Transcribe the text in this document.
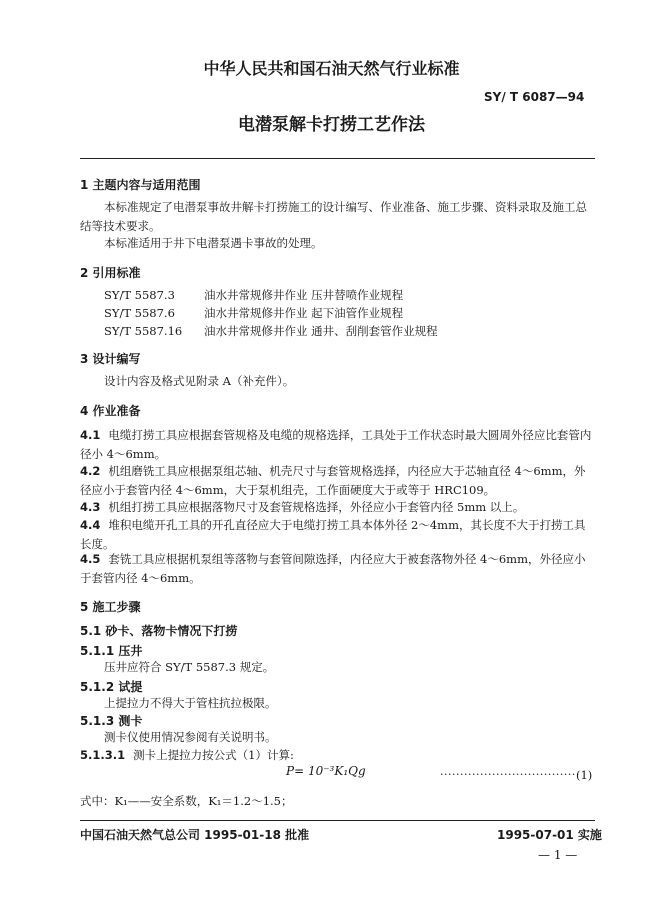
中华人民共和国石油天然气行业标准
SY/ T 6087—94
电潜泵解卡打捞工艺作法
1 主题内容与适用范围
本标准规定了电潜泵事故井解卡打捞施工的设计编写、作业准备、施工步骤、资料录取及施工总结等技术要求。
本标准适用于井下电潜泵遇卡事故的处理。
2 引用标准
SY/T 5587.3	油水井常规修井作业 压井替喷作业规程
SY/T 5587.6	油水井常规修井作业 起下油管作业规程
SY/T 5587.16 油水井常规修井作业 通井、刮削套管作业规程
3 设计编写
设计内容及格式见附录 A（补充件）。
4 作业准备
4.1 电缆打捞工具应根据套管规格及电缆的规格选择，工具处于工作状态时最大圆周外径应比套管内径小 4～6mm。
4.2 机组磨铣工具应根据泵组芯轴、机壳尺寸与套管规格选择，内径应大于芯轴直径 4～6mm，外径应小于套管内径 4～6mm，大于泵机组壳，工作面硬度大于或等于 HRC109。
4.3 机组打捞工具应根据落物尺寸及套管规格选择，外径应小于套管内径 5mm 以上。
4.4 堆积电缆开孔工具的开孔直径应大于电缆打捞工具本体外径 2～4mm，其长度不大于打捞工具长度。
4.5 套铣工具应根据机泵组等落物与套管间隙选择，内径应大于被套落物外径 4～6mm，外径应小于套管内径 4～6mm。
5 施工步骤
5.1 砂卡、落物卡情况下打捞
5.1.1 压井
压井应符合 SY/T 5587.3 规定。
5.1.2 试提
上提拉力不得大于管柱抗拉极限。
5.1.3 测卡
测卡仪使用情况参阅有关说明书。
5.1.3.1 测卡上提拉力按公式（1）计算:
P= 10⁻³K₁Qg	···································
(1)
式中：K₁——安全系数，K₁＝1.2～1.5；
中国石油天然气总公司 1995-01-18 批准	1995-07-01 实施
— 1 —
